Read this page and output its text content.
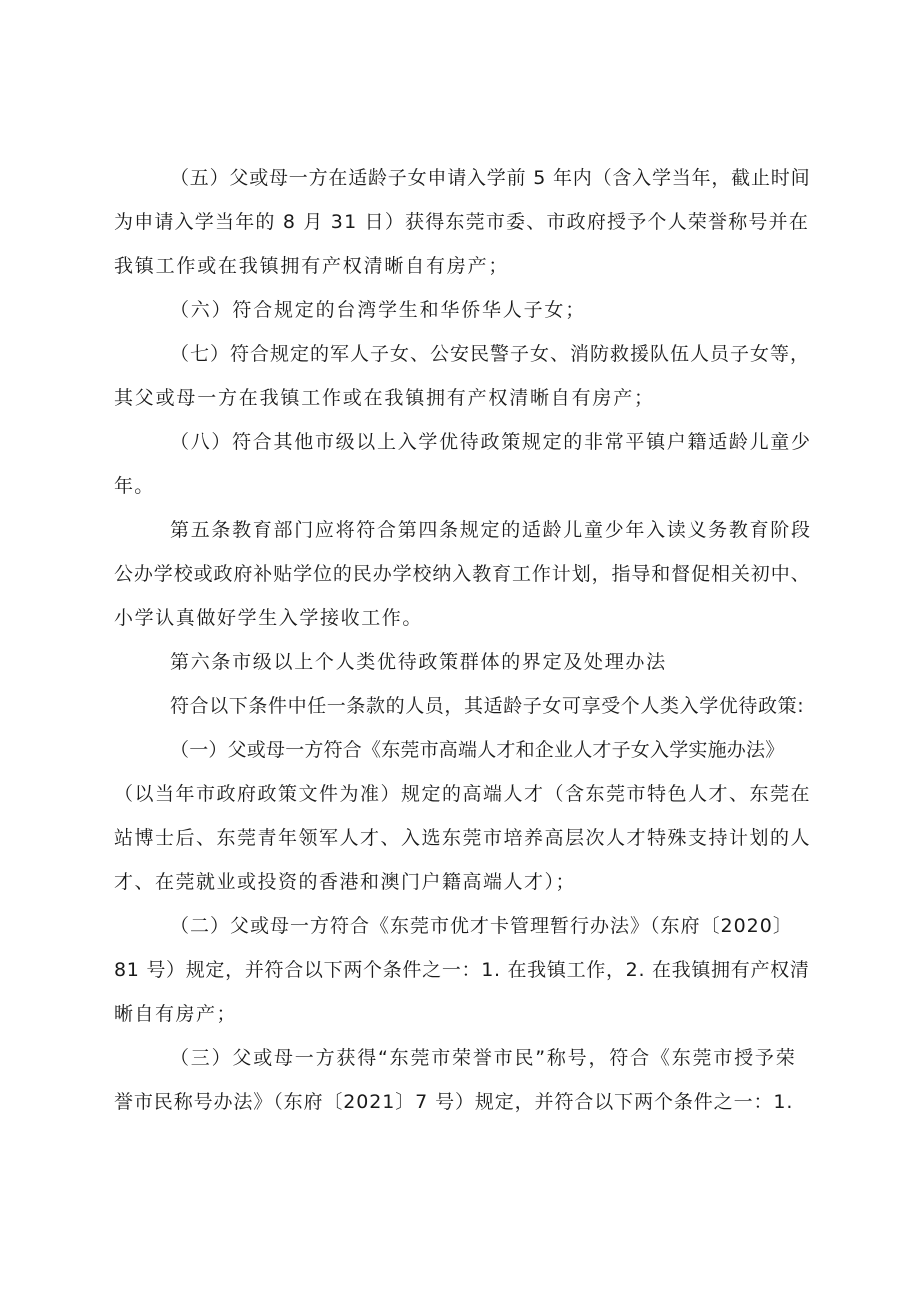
（五）父或母一方在适龄子女申请入学前 5 年内（含入学当年，截止时间
为申请入学当年的 8 月 31 日）获得东莞市委、市政府授予个人荣誉称号并在
我镇工作或在我镇拥有产权清晰自有房产；
（六）符合规定的台湾学生和华侨华人子女；
（七）符合规定的军人子女、公安民警子女、消防救援队伍人员子女等，
其父或母一方在我镇工作或在我镇拥有产权清晰自有房产；
（八）符合其他市级以上入学优待政策规定的非常平镇户籍适龄儿童少
年。
第五条教育部门应将符合第四条规定的适龄儿童少年入读义务教育阶段
公办学校或政府补贴学位的民办学校纳入教育工作计划，指导和督促相关初中、
小学认真做好学生入学接收工作。
第六条市级以上个人类优待政策群体的界定及处理办法
符合以下条件中任一条款的人员，其适龄子女可享受个人类入学优待政策:
（一）父或母一方符合《东莞市高端人才和企业人才子女入学实施办法》
（以当年市政府政策文件为准）规定的高端人才（含东莞市特色人才、东莞在
站博士后、东莞青年领军人才、入选东莞市培养高层次人才特殊支持计划的人
才、在莞就业或投资的香港和澳门户籍高端人才）；
（二）父或母一方符合《东莞市优才卡管理暂行办法》（东府〔2020〕
81 号）规定，并符合以下两个条件之一：1. 在我镇工作，2. 在我镇拥有产权清
晰自有房产；
（三）父或母一方获得“东莞市荣誉市民”称号，符合《东莞市授予荣
誉市民称号办法》（东府〔2021〕7 号）规定，并符合以下两个条件之一：1.
